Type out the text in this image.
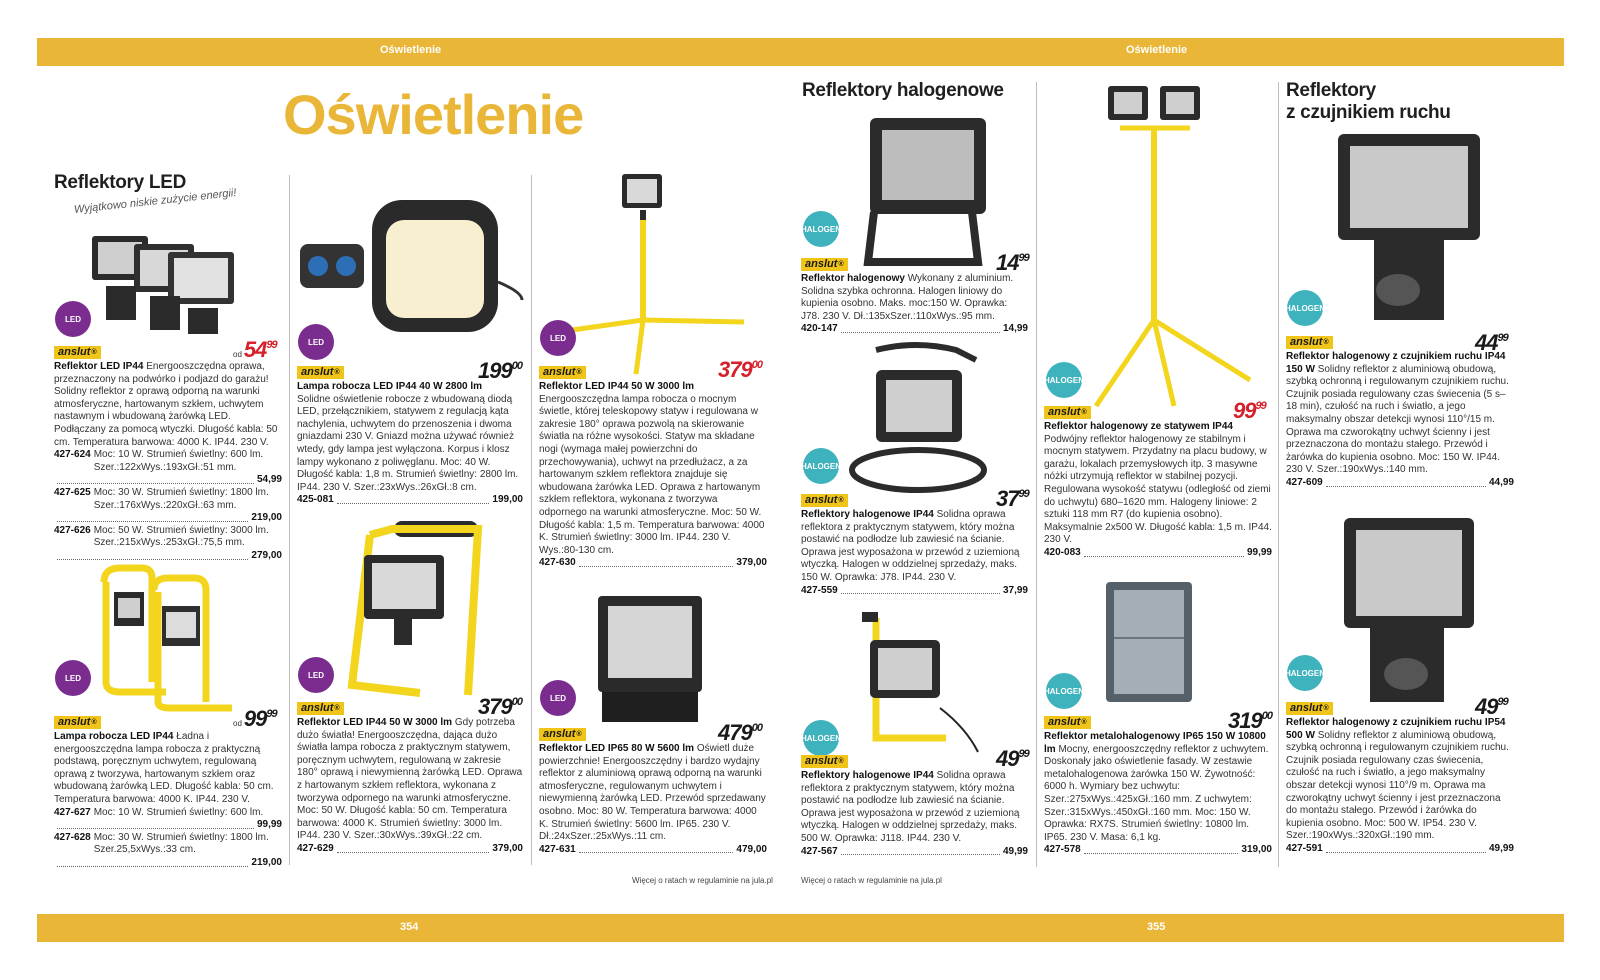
Oświetlenie	Oświetlenie
354	355
Oświetlenie
Reflektory LED
Wyjątkowo niskie zużycie energii!
Reflektory halogenowe	Reflektory
z czujnikiem ruchu
LED
LED
LED
LED
LED
LED
HALOGEN
HALOGEN
HALOGEN
HALOGEN
HALOGEN
HALOGEN
HALOGEN
$od54^{99}$
$od99^{99}$
$199^{00}$
$379^{00}$
$379^{00}$
$479^{00}$
$14^{99}$
$37^{99}$
$49^{99}$
$99^{99}$
$319^{00}$
$44^{99}$
$49^{99}$
anslut®
Reflektor LED IP44 Energooszczędna oprawa, przeznaczony na podwórko i podjazd do garażu! Solidny reflektor z oprawą odporną na warunki atmosferyczne, hartowanym szkłem, uchwytem nastawnym i wbudowaną żarówką LED. Podłączany za pomocą wtyczki. Długość kabla: 50 cm. Temperatura barwowa: 4000 K. IP44. 230 V.
427-624 Moc: 10 W. Strumień świetlny: 600 lm. Szer.:122xWys.:193xGł.:51 mm.
54,99
427-625 Moc: 30 W. Strumień świetlny: 1800 lm. Szer.:176xWys.:220xGł.:63 mm.
219,00
427-626 Moc: 50 W. Strumień świetlny: 3000 lm. Szer.:215xWys.:253xGł.:75,5 mm.
279,00
anslut®
Lampa robocza LED IP44 Ładna i energooszczędna lampa robocza z praktyczną podstawą, poręcznym uchwytem, regulowaną oprawą z tworzywa, hartowanym szkłem oraz wbudowaną żarówką LED. Długość kabla: 50 cm. Temperatura barwowa: 4000 K. IP44. 230 V.
427-627 Moc: 10 W. Strumień świetlny: 600 lm.
99,99
427-628 Moc: 30 W. Strumień świetlny: 1800 lm. Szer.25,5xWys.:33 cm.
219,00
anslut®
Lampa robocza LED IP44 40 W 2800 lm
Solidne oświetlenie robocze z wbudowaną diodą LED, przełącznikiem, statywem z regulacją kąta nachylenia, uchwytem do przenoszenia i dwoma gniazdami 230 V. Gniazd można używać również wtedy, gdy lampa jest wyłączona. Korpus i klosz lampy wykonano z poliwęglanu. Moc: 40 W. Długość kabla: 1,8 m. Strumień świetlny: 2800 lm. IP44. 230 V. Szer.:23xWys.:26xGł.:8 cm.
425-081	199,00
anslut®
Reflektor LED IP44 50 W 3000 lm Gdy potrzeba dużo światła! Energooszczędna, dająca dużo światła lampa robocza z praktycznym statywem, poręcznym uchwytem, regulowaną w zakresie 180° oprawą i niewymienną żarówką LED. Oprawa z hartowanym szkłem reflektora, wykonana z tworzywa odpornego na warunki atmosferyczne. Moc: 50 W. Długość kabla: 50 cm. Temperatura barwowa: 4000 K. Strumień świetlny: 3000 lm. IP44. 230 V. Szer.:30xWys.:39xGł.:22 cm.
427-629	379,00
anslut®
Reflektor LED IP44 50 W 3000 lm Energooszczędna lampa robocza o mocnym świetle, której teleskopowy statyw i regulowana w zakresie 180° oprawa pozwolą na skierowanie światła na różne wysokości. Statyw ma składane nogi (wymaga małej powierzchni do przechowywania), uchwyt na przedłużacz, a za hartowanym szkłem reflektora znajduje się wbudowana żarówka LED. Oprawa z hartowanym szkłem reflektora, wykonana z tworzywa odpornego na warunki atmosferyczne. Moc: 50 W. Długość kabla: 1,5 m. Temperatura barwowa: 4000 K. Strumień świetlny: 3000 lm. IP44. 230 V. Wys.:80-130 cm.
427-630	379,00
anslut®
Reflektor LED IP65 80 W 5600 lm Oświetl duże powierzchnie! Energooszczędny i bardzo wydajny reflektor z aluminiową oprawą odporną na warunki atmosferyczne, regulowanym uchwytem i niewymienną żarówką LED. Przewód sprzedawany osobno. Moc: 80 W. Temperatura barwowa: 4000 K. Strumień świetlny: 5600 lm. IP65. 230 V. Dł.:24xSzer.:25xWys.:11 cm.
427-631	479,00
anslut®
Reflektor halogenowy Wykonany z aluminium. Solidna szybka ochronna. Halogen liniowy do kupienia osobno. Maks. moc:150 W. Oprawka: J78. 230 V. Dł.:135xSzer.:110xWys.:95 mm.
420-147	14,99
anslut®
Reflektory halogenowe IP44 Solidna oprawa reflektora z praktycznym statywem, który można postawić na podłodze lub zawiesić na ścianie. Oprawa jest wyposażona w przewód z uziemioną wtyczką. Halogen w oddzielnej sprzedaży, maks. 150 W. Oprawka: J78. IP44. 230 V.
427-559	37,99
anslut®
Reflektory halogenowe IP44 Solidna oprawa reflektora z praktycznym statywem, który można postawić na podłodze lub zawiesić na ścianie. Oprawa jest wyposażona w przewód z uziemioną wtyczką. Halogen w oddzielnej sprzedaży, maks. 500 W. Oprawka: J118. IP44. 230 V.
427-567	49,99
anslut®
Reflektor halogenowy ze statywem IP44
Podwójny reflektor halogenowy ze stabilnym i mocnym statywem. Przydatny na placu budowy, w garażu, lokalach przemysłowych itp. 3 masywne nóżki utrzymują reflektor w stabilnej pozycji. Regulowana wysokość statywu (odległość od ziemi do uchwytu) 680–1620 mm. Halogeny liniowe: 2 sztuki 118 mm R7 (do kupienia osobno). Maksymalnie 2x500 W. Długość kabla: 1,5 m. IP44. 230 V.
420-083	99,99
anslut®
Reflektor metalohalogenowy IP65 150 W 10800 lm Mocny, energooszczędny reflektor z uchwytem. Doskonały jako oświetlenie fasady. W zestawie metalohalogenowa żarówka 150 W. Żywotność: 6000 h. Wymiary bez uchwytu: Szer.:275xWys.:425xGł.:160 mm. Z uchwytem: Szer.:315xWys.:450xGł.:160 mm. Moc: 150 W. Oprawka: RX7S. Strumień świetlny: 10800 lm. IP65. 230 V. Masa: 6,1 kg.
427-578	319,00
anslut®
Reflektor halogenowy z czujnikiem ruchu IP44 150 W Solidny reflektor z aluminiową obudową, szybką ochronną i regulowanym czujnikiem ruchu. Czujnik posiada regulowany czas świecenia (5 s–18 min), czułość na ruch i światło, a jego maksymalny obszar detekcji wynosi 110°/15 m. Oprawa ma czworokątny uchwyt ścienny i jest przeznaczona do montażu stałego. Przewód i żarówka do kupienia osobno. Moc: 150 W. IP44. 230 V. Szer.:190xWys.:140 mm.
427-609	44,99
anslut®
Reflektor halogenowy z czujnikiem ruchu IP54 500 W Solidny reflektor z aluminiową obudową, szybką ochronną i regulowanym czujnikiem ruchu. Czujnik posiada regulowany czas świecenia, czułość na ruch i światło, a jego maksymalny obszar detekcji wynosi 110°/9 m. Oprawa ma czworokątny uchwyt ścienny i jest przeznaczona do montażu stałego. Przewód i żarówka do kupienia osobno. Moc: 500 W. IP54. 230 V. Szer.:190xWys.:320xGł.:190 mm.
427-591	49,99
Więcej o ratach w regulaminie na jula.pl	Więcej o ratach w regulaminie na jula.pl
